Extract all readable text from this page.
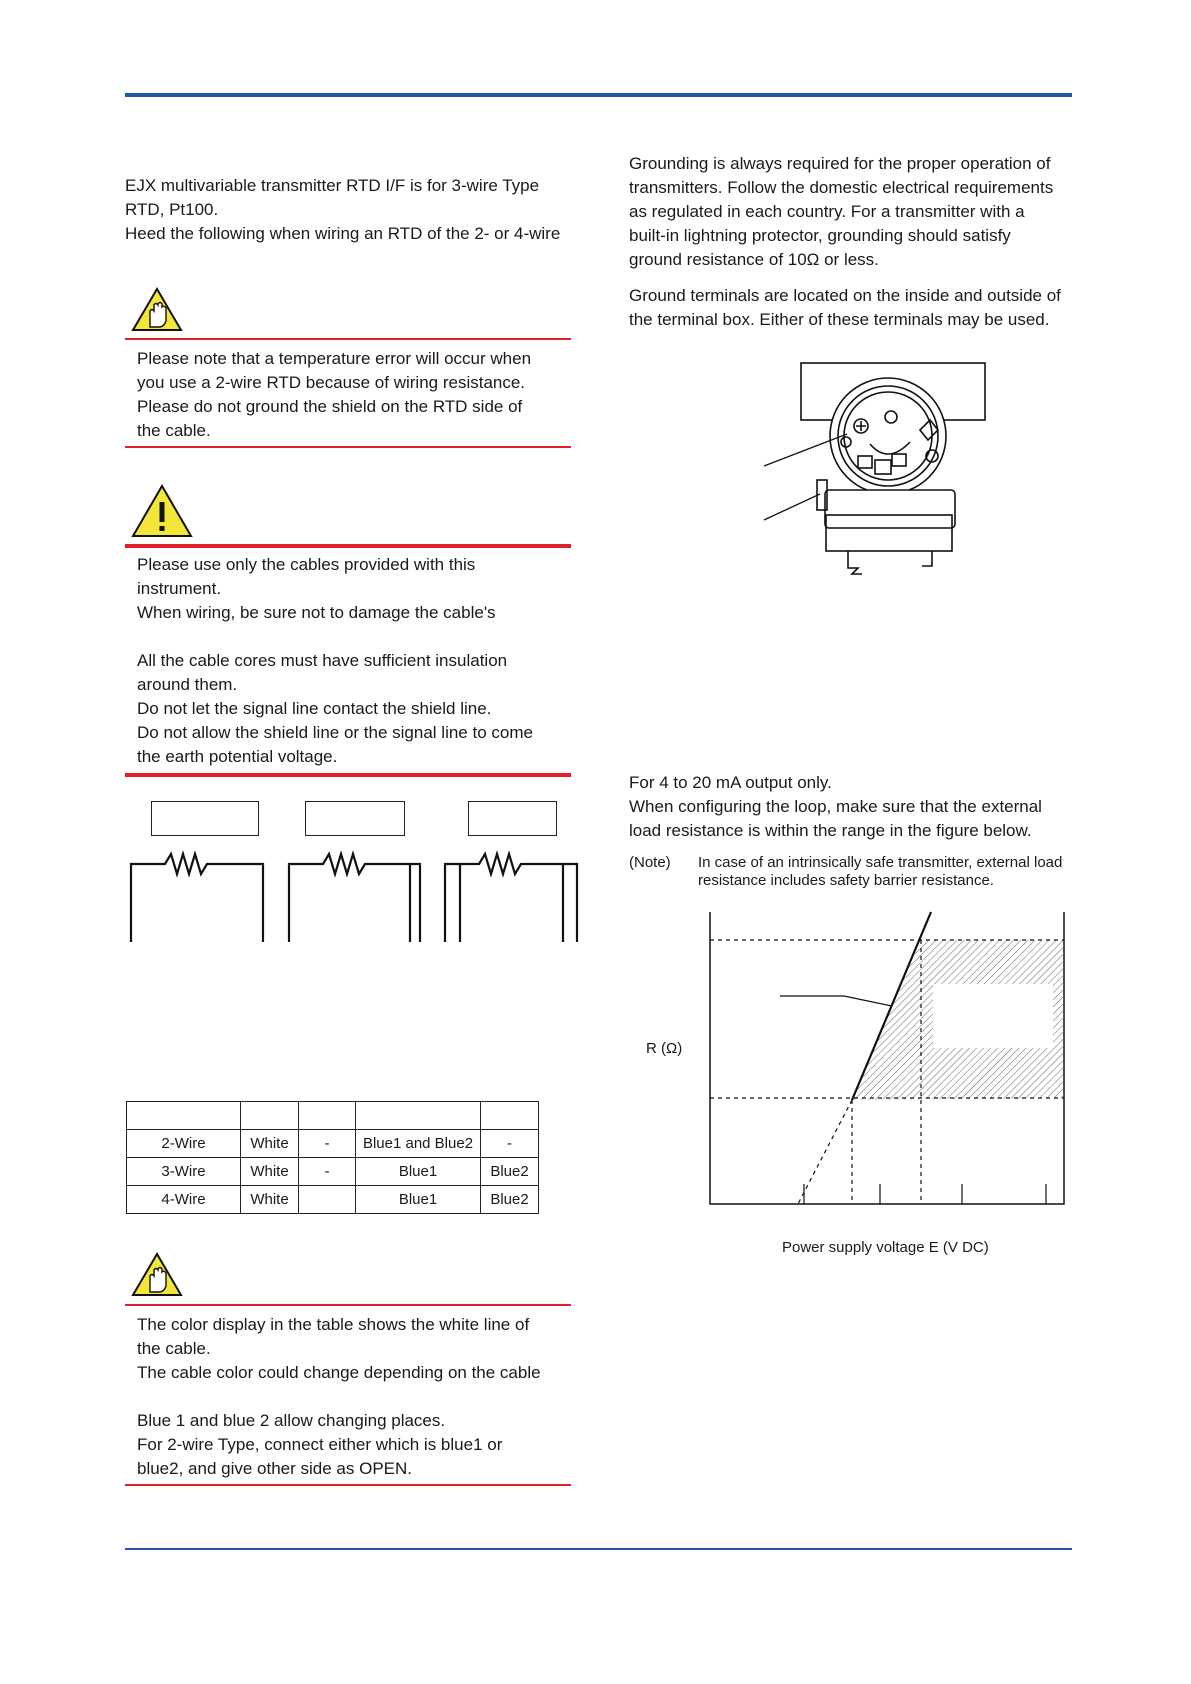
EJX multivariable transmitter RTD I/F is for 3-wire Type
RTD, Pt100.
Heed the following when wiring an RTD of the 2- or 4-wire
Please note that a temperature error will occur when
you use a 2-wire RTD because of wiring resistance.
Please do not ground the shield on the RTD side of
the cable.
Please use only the cables provided with this
instrument.
When wiring, be sure not to damage the cable's
All the cable cores must have sufficient insulation
around them.
Do not let the signal line contact the shield line.
Do not allow the shield line or the signal line to come
the earth potential voltage.

2-Wire	White	-	Blue1 and Blue2	-
3-Wire	White	-	Blue1	Blue2
4-Wire	White		Blue1	Blue2
The color display in the table shows the white line of
the cable.
The cable color could change depending on the cable
Blue 1 and blue 2 allow changing places.
For 2-wire Type, connect either which is blue1 or
blue2, and give other side as OPEN.
Grounding is always required for the proper operation of
transmitters. Follow the domestic electrical requirements
as regulated in each country. For a transmitter with a
built-in lightning protector, grounding should satisfy
ground resistance of 10Ω or less.
Ground terminals are located on the inside and outside of
the terminal box. Either of these terminals may be used.
For 4 to 20 mA output only.
When configuring the loop, make sure that the external
load resistance is within the range in the figure below.
(Note) In case of an intrinsically safe transmitter, external load
resistance includes safety barrier resistance.
R (Ω)
Power supply voltage E (V DC)
